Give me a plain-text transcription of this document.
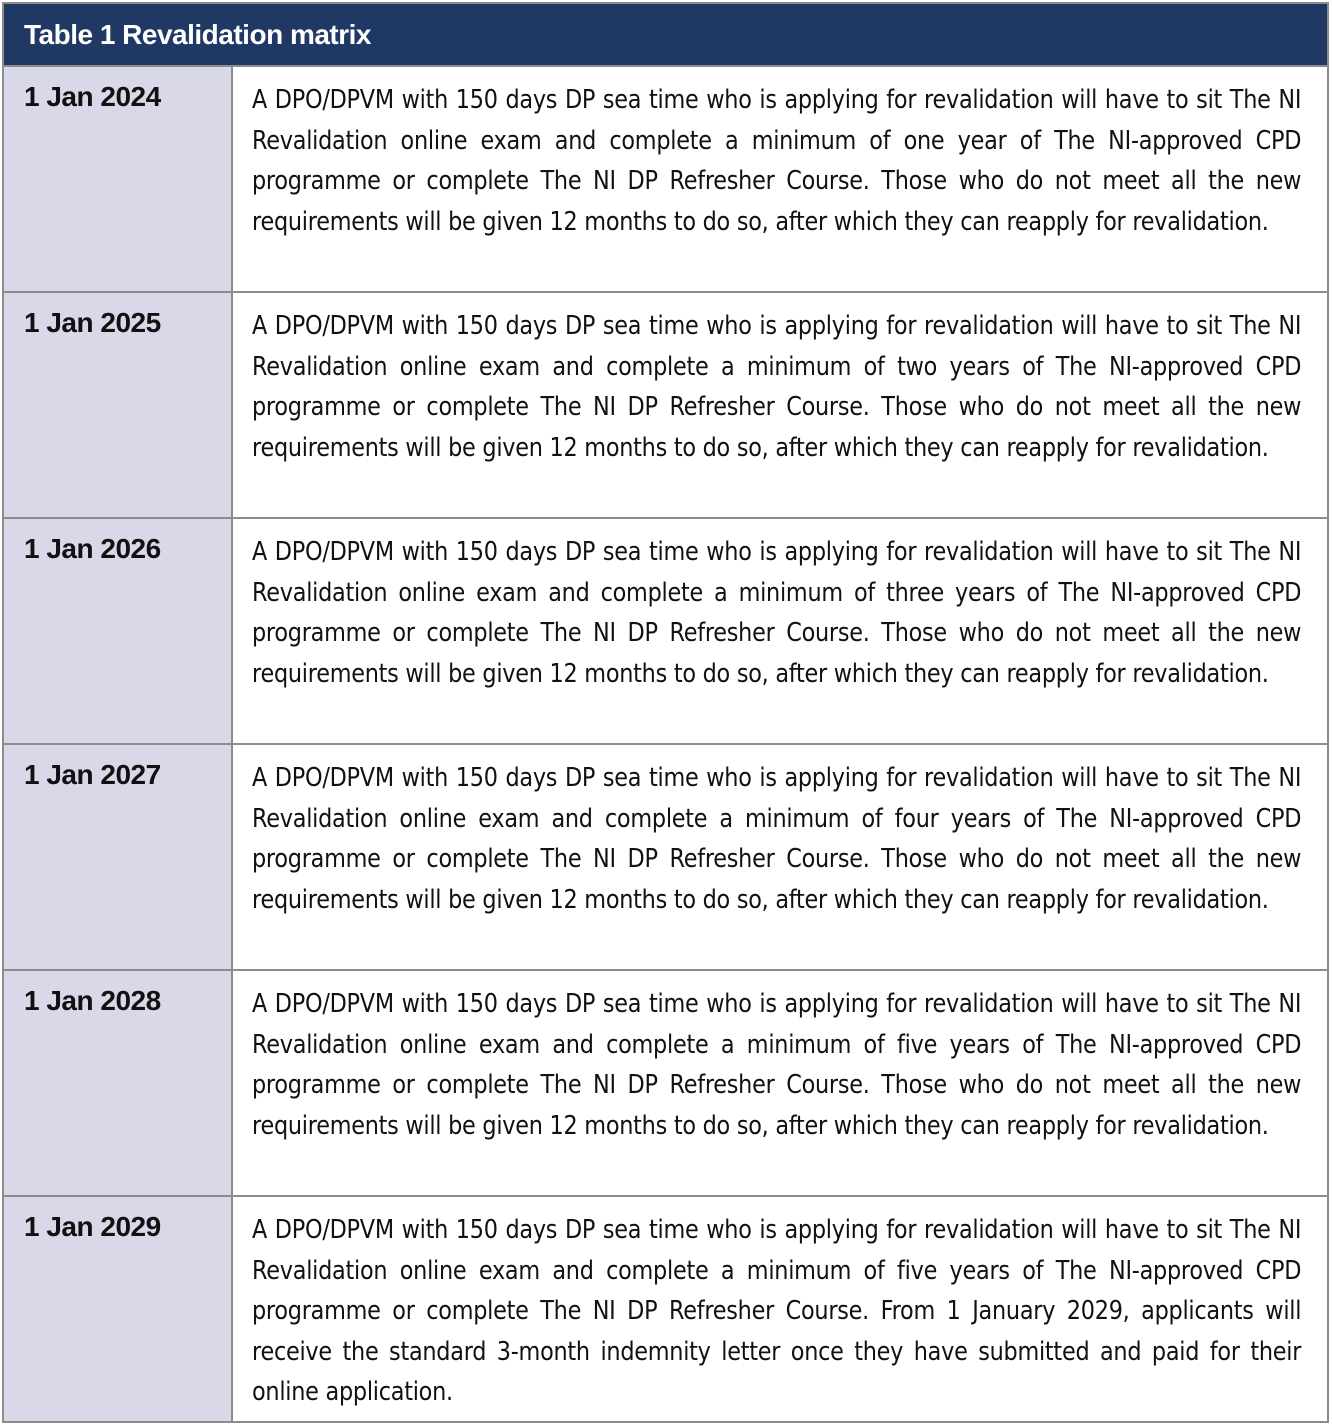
Table 1 Revalidation matrix
1 Jan 2024	A DPO/DPVM with 150 days DP sea time who is applying for revalidation will have to sit The NI Revalidation online exam and complete a minimum of one year of The NI-approved CPD programme or complete The NI DP Refresher Course. Those who do not meet all the new requirements will be given 12 months to do so, after which they can reapply for revalidation.
1 Jan 2025	A DPO/DPVM with 150 days DP sea time who is applying for revalidation will have to sit The NI Revalidation online exam and complete a minimum of two years of The NI-approved CPD programme or complete The NI DP Refresher Course. Those who do not meet all the new requirements will be given 12 months to do so, after which they can reapply for revalidation.
1 Jan 2026	A DPO/DPVM with 150 days DP sea time who is applying for revalidation will have to sit The NI Revalidation online exam and complete a minimum of three years of The NI-approved CPD programme or complete The NI DP Refresher Course. Those who do not meet all the new requirements will be given 12 months to do so, after which they can reapply for revalidation.
1 Jan 2027	A DPO/DPVM with 150 days DP sea time who is applying for revalidation will have to sit The NI Revalidation online exam and complete a minimum of four years of The NI-approved CPD programme or complete The NI DP Refresher Course. Those who do not meet all the new requirements will be given 12 months to do so, after which they can reapply for revalidation.
1 Jan 2028	A DPO/DPVM with 150 days DP sea time who is applying for revalidation will have to sit The NI Revalidation online exam and complete a minimum of five years of The NI-approved CPD programme or complete The NI DP Refresher Course. Those who do not meet all the new requirements will be given 12 months to do so, after which they can reapply for revalidation.
1 Jan 2029	A DPO/DPVM with 150 days DP sea time who is applying for revalidation will have to sit The NI Revalidation online exam and complete a minimum of five years of The NI-approved CPD programme or complete The NI DP Refresher Course. From 1 January 2029, applicants will receive the standard 3-month indemnity letter once they have submitted and paid for their online application.
